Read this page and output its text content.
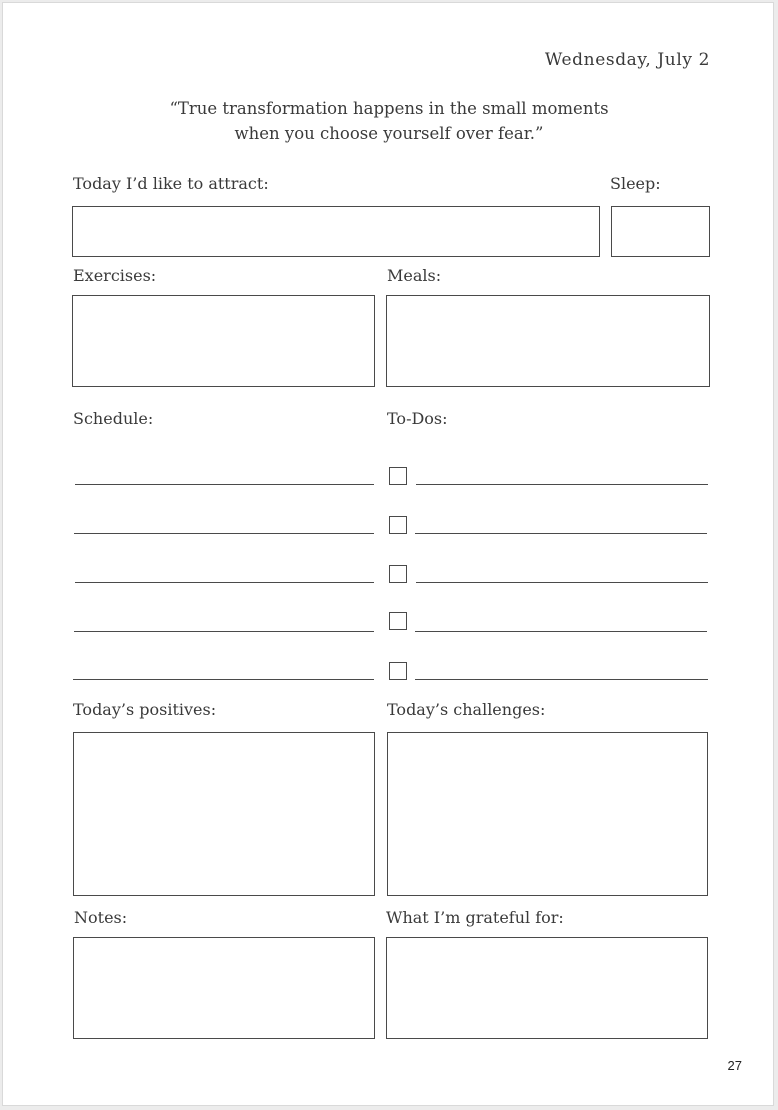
Wednesday, July 2
“True transformation happens in the small moments
when you choose yourself over fear.”
Today I’d like to attract:	Sleep:
Exercises:	Meals:
Schedule:	To-Dos:
Today’s positives:	Today’s challenges:
Notes:	What I’m grateful for:
27
